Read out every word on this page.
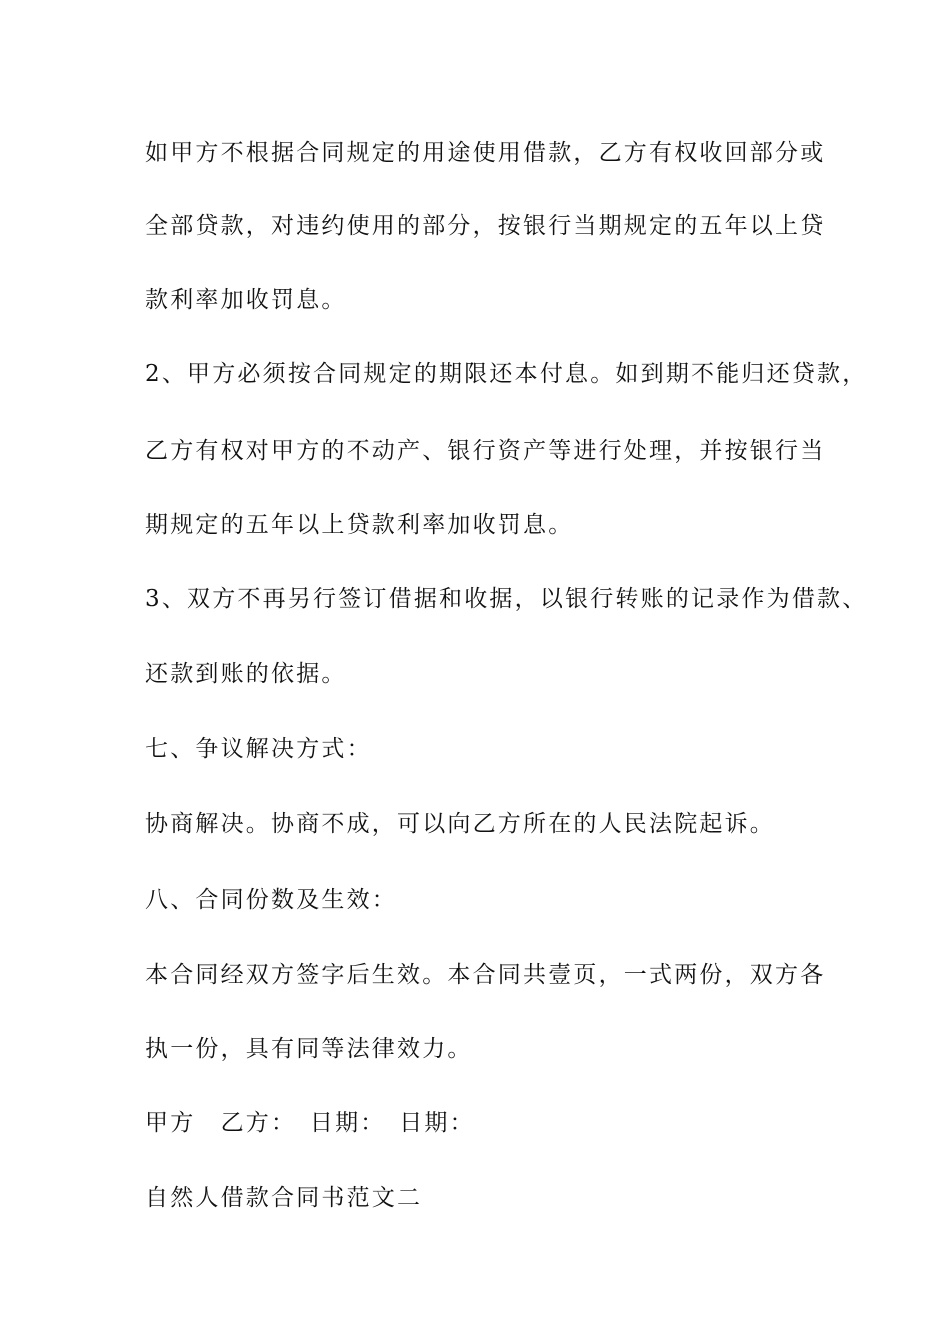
如甲方不根据合同规定的用途使用借款，乙方有权收回部分或
全部贷款，对违约使用的部分，按银行当期规定的五年以上贷
款利率加收罚息。
2、甲方必须按合同规定的期限还本付息。如到期不能归还贷款，
乙方有权对甲方的不动产、银行资产等进行处理，并按银行当
期规定的五年以上贷款利率加收罚息。
3、双方不再另行签订借据和收据，以银行转账的记录作为借款、
还款到账的依据。
七、争议解决方式：
协商解决。协商不成，可以向乙方所在的人民法院起诉。
八、合同份数及生效：
本合同经双方签字后生效。本合同共壹页，一式两份，双方各
执一份，具有同等法律效力。
甲方　乙方：　日期：　日期：
自然人借款合同书范文二
